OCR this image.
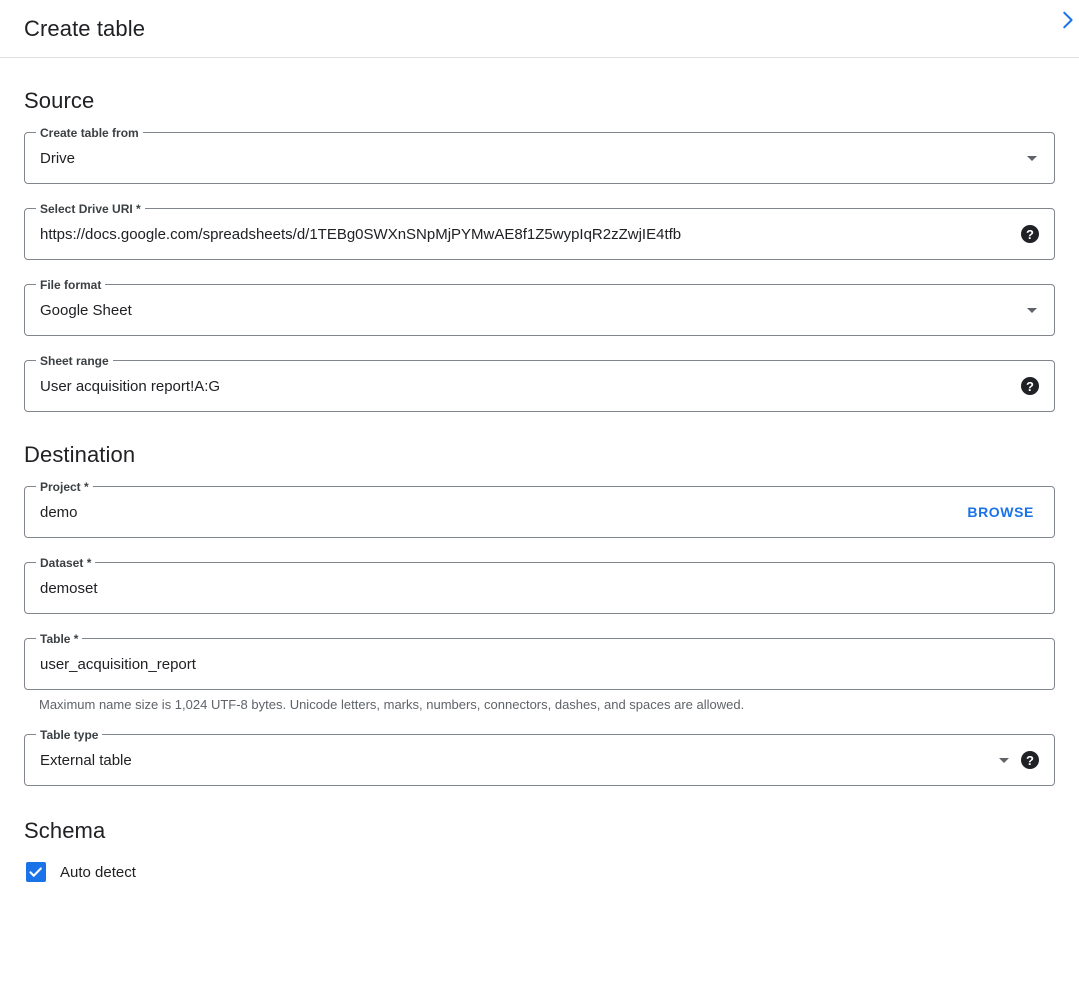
Create table
Source
Create table from
Drive
Select Drive URI *
https://docs.google.com/spreadsheets/d/1TEBg0SWXnSNpMjPYMwAE8f1Z5wypIqR2zZwjIE4tfb	?
File format
Google Sheet
Sheet range
User acquisition report!A:G	?
Destination
Project *
demo	BROWSE
Dataset *
demoset
Table *
user_acquisition_report
Maximum name size is 1,024 UTF-8 bytes. Unicode letters, marks, numbers, connectors, dashes, and spaces are allowed.
Table type
External table	?
Schema
Auto detect
